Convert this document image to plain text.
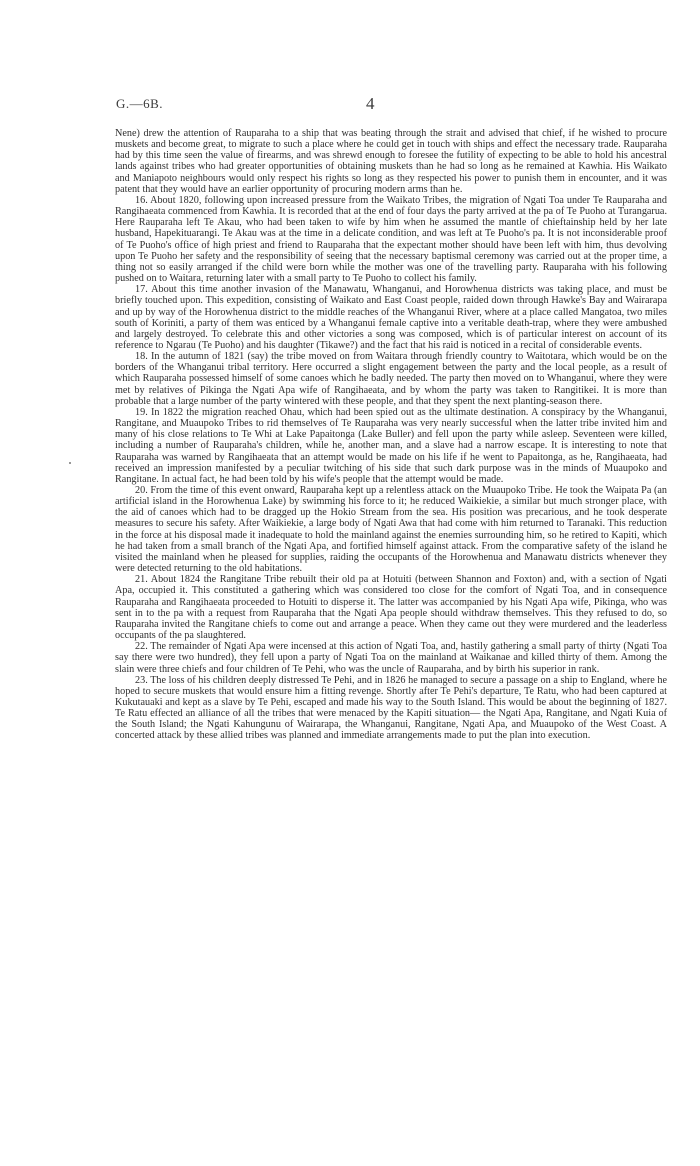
G.—6B.	4

Nene) drew the attention of Rauparaha to a ship that was beating through the strait and advised that chief, if he wished to procure muskets and become great, to migrate to such a place where he could get in touch with ships and effect the necessary trade. Rauparaha had by this time seen the value of firearms, and was shrewd enough to foresee the futility of expecting to be able to hold his ancestral lands against tribes who had greater opportunities of obtaining muskets than he had so long as he remained at Kawhia. His Waikato and Maniapoto neighbours would only respect his rights so long as they respected his power to punish them in encounter, and it was patent that they would have an earlier opportunity of procuring modern arms than he.

16. About 1820, following upon increased pressure from the Waikato Tribes, the migration of Ngati Toa under Te Rauparaha and Rangihaeata commenced from Kawhia. It is recorded that at the end of four days the party arrived at the pa of Te Puoho at Turangarua. Here Rauparaha left Te Akau, who had been taken to wife by him when he assumed the mantle of chieftainship held by her late husband, Hapekituarangi. Te Akau was at the time in a delicate condition, and was left at Te Puoho's pa. It is not inconsiderable proof of Te Puoho's office of high priest and friend to Rauparaha that the expectant mother should have been left with him, thus devolving upon Te Puoho her safety and the responsibility of seeing that the necessary baptismal ceremony was carried out at the proper time, a thing not so easily arranged if the child were born while the mother was one of the travelling party. Rauparaha with his following pushed on to Waitara, returning later with a small party to Te Puoho to collect his family.

17. About this time another invasion of the Manawatu, Whanganui, and Horowhenua districts was taking place, and must be briefly touched upon. This expedition, consisting of Waikato and East Coast people, raided down through Hawke's Bay and Wairarapa and up by way of the Horowhenua district to the middle reaches of the Whanganui River, where at a place called Mangatoa, two miles south of Koriniti, a party of them was enticed by a Whanganui female captive into a veritable death-trap, where they were ambushed and largely destroyed. To celebrate this and other victories a song was composed, which is of particular interest on account of its reference to Ngarau (Te Puoho) and his daughter (Tikawe?) and the fact that his raid is noticed in a recital of considerable events.

18. In the autumn of 1821 (say) the tribe moved on from Waitara through friendly country to Waitotara, which would be on the borders of the Whanganui tribal territory. Here occurred a slight engagement between the party and the local people, as a result of which Rauparaha possessed himself of some canoes which he badly needed. The party then moved on to Whanganui, where they were met by relatives of Pikinga the Ngati Apa wife of Rangihaeata, and by whom the party was taken to Rangitikei. It is more than probable that a large number of the party wintered with these people, and that they spent the next planting-season there.

19. In 1822 the migration reached Ohau, which had been spied out as the ultimate destination. A conspiracy by the Whanganui, Rangitane, and Muaupoko Tribes to rid themselves of Te Rauparaha was very nearly successful when the latter tribe invited him and many of his close relations to Te Whi at Lake Papaitonga (Lake Buller) and fell upon the party while asleep. Seventeen were killed, including a number of Rauparaha's children, while he, another man, and a slave had a narrow escape. It is interesting to note that Rauparaha was warned by Rangihaeata that an attempt would be made on his life if he went to Papaitonga, as he, Rangihaeata, had received an impression manifested by a peculiar twitching of his side that such dark purpose was in the minds of Muaupoko and Rangitane. In actual fact, he had been told by his wife's people that the attempt would be made.

20. From the time of this event onward, Rauparaha kept up a relentless attack on the Muaupoko Tribe. He took the Waipata Pa (an artificial island in the Horowhenua Lake) by swimming his force to it; he reduced Waikiekie, a similar but much stronger place, with the aid of canoes which had to be dragged up the Hokio Stream from the sea. His position was precarious, and he took desperate measures to secure his safety. After Waikiekie, a large body of Ngati Awa that had come with him returned to Taranaki. This reduction in the force at his disposal made it inadequate to hold the mainland against the enemies surrounding him, so he retired to Kapiti, which he had taken from a small branch of the Ngati Apa, and fortified himself against attack. From the comparative safety of the island he visited the mainland when he pleased for supplies, raiding the occupants of the Horowhenua and Manawatu districts whenever they were detected returning to the old habitations.

21. About 1824 the Rangitane Tribe rebuilt their old pa at Hotuiti (between Shannon and Foxton) and, with a section of Ngati Apa, occupied it. This constituted a gathering which was considered too close for the comfort of Ngati Toa, and in consequence Rauparaha and Rangihaeata proceeded to Hotuiti to disperse it. The latter was accompanied by his Ngati Apa wife, Pikinga, who was sent in to the pa with a request from Rauparaha that the Ngati Apa people should withdraw themselves. This they refused to do, so Rauparaha invited the Rangitane chiefs to come out and arrange a peace. When they came out they were murdered and the leaderless occupants of the pa slaughtered.

22. The remainder of Ngati Apa were incensed at this action of Ngati Toa, and, hastily gathering a small party of thirty (Ngati Toa say there were two hundred), they fell upon a party of Ngati Toa on the mainland at Waikanae and killed thirty of them. Among the slain were three chiefs and four children of Te Pehi, who was the uncle of Rauparaha, and by birth his superior in rank.

23. The loss of his children deeply distressed Te Pehi, and in 1826 he managed to secure a passage on a ship to England, where he hoped to secure muskets that would ensure him a fitting revenge. Shortly after Te Pehi's departure, Te Ratu, who had been captured at Kukutauaki and kept as a slave by Te Pehi, escaped and made his way to the South Island. This would be about the beginning of 1827. Te Ratu effected an alliance of all the tribes that were menaced by the Kapiti situation— the Ngati Apa, Rangitane, and Ngati Kuia of the South Island; the Ngati Kahungunu of Wairarapa, the Whanganui, Rangitane, Ngati Apa, and Muaupoko of the West Coast. A concerted attack by these allied tribes was planned and immediate arrangements made to put the plan into execution.
